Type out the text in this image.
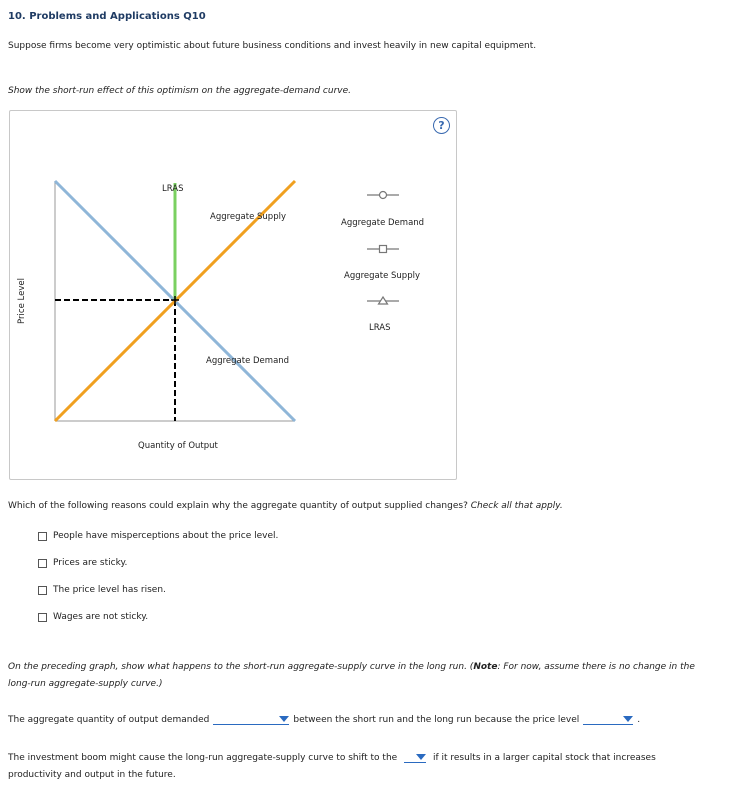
10. Problems and Applications Q10
Suppose firms become very optimistic about future business conditions and invest heavily in new capital equipment.
Show the short-run effect of this optimism on the aggregate-demand curve.
?
Price Level
LRAS
Aggregate Supply
Aggregate Demand
Quantity of Output
Aggregate Demand
Aggregate Supply
LRAS
Which of the following reasons could explain why the aggregate quantity of output supplied changes? Check all that apply.
People have misperceptions about the price level.
Prices are sticky.
The price level has risen.
Wages are not sticky.
On the preceding graph, show what happens to the short-run aggregate-supply curve in the long run. (Note: For now, assume there is no change in the long-run aggregate-supply curve.)
The aggregate quantity of output demanded	between the short run and the long run because the price level	.
The investment boom might cause the long-run aggregate-supply curve to shift to the	if it results in a larger capital stock that increases productivity and output in the future.
